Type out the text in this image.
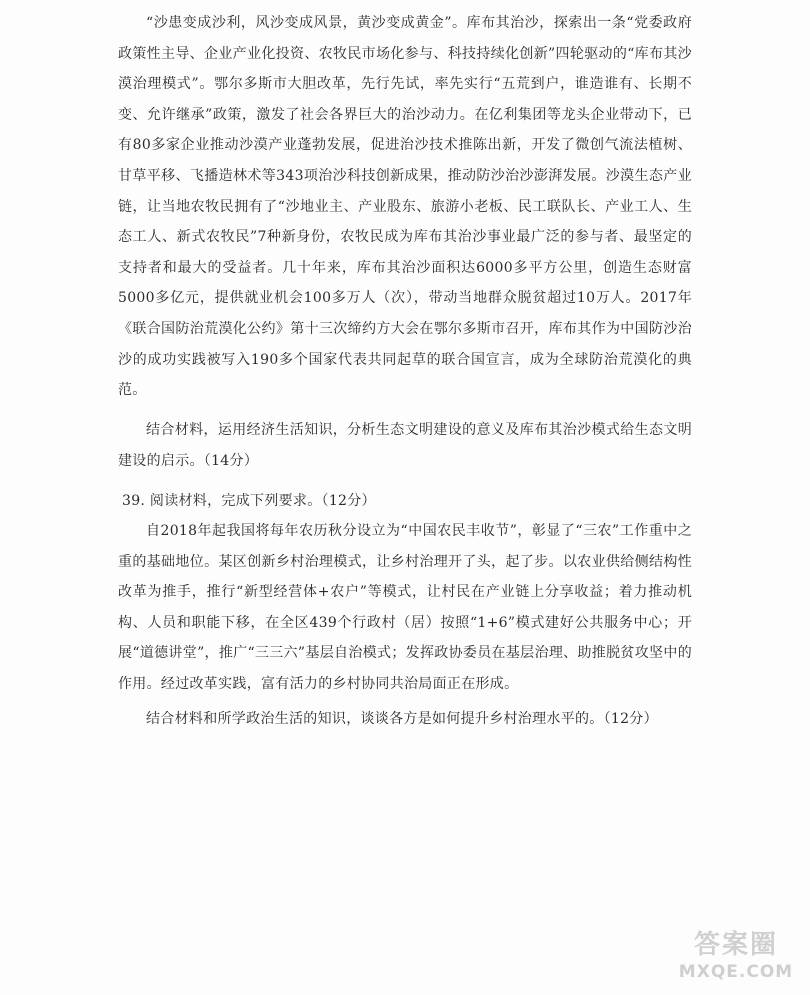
“沙患变成沙利，风沙变成风景，黄沙变成黄金”。库布其治沙，探索出一条“党委政府政策性主导、企业产业化投资、农牧民市场化参与、科技持续化创新”四轮驱动的“库布其沙漠治理模式”。鄂尔多斯市大胆改革，先行先试，率先实行“五荒到户，谁造谁有、长期不变、允许继承”政策，激发了社会各界巨大的治沙动力。在亿利集团等龙头企业带动下，已有80多家企业推动沙漠产业蓬勃发展，促进治沙技术推陈出新，开发了微创气流法植树、甘草平移、飞播造林术等343项治沙科技创新成果，推动防沙治沙澎湃发展。沙漠生态产业链，让当地农牧民拥有了“沙地业主、产业股东、旅游小老板、民工联队长、产业工人、生态工人、新式农牧民”7种新身份，农牧民成为库布其治沙事业最广泛的参与者、最坚定的支持者和最大的受益者。几十年来，库布其治沙面积达6000多平方公里，创造生态财富5000多亿元，提供就业机会100多万人（次），带动当地群众脱贫超过10万人。2017年《联合国防治荒漠化公约》第十三次缔约方大会在鄂尔多斯市召开，库布其作为中国防沙治沙的成功实践被写入190多个国家代表共同起草的联合国宣言，成为全球防治荒漠化的典范。

结合材料，运用经济生活知识，分析生态文明建设的意义及库布其治沙模式给生态文明建设的启示。（14分）

39. 阅读材料，完成下列要求。（12分）

自2018年起我国将每年农历秋分设立为“中国农民丰收节”，彰显了“三农”工作重中之重的基础地位。某区创新乡村治理模式，让乡村治理开了头，起了步。以农业供给侧结构性改革为推手，推行“新型经营体+农户”等模式，让村民在产业链上分享收益；着力推动机构、人员和职能下移，在全区439个行政村（居）按照“1+6”模式建好公共服务中心；开展“道德讲堂”，推广“三三六”基层自治模式；发挥政协委员在基层治理、助推脱贫攻坚中的作用。经过改革实践，富有活力的乡村协同共治局面正在形成。

结合材料和所学政治生活的知识，谈谈各方是如何提升乡村治理水平的。（12分）

答案圈
MXQE.COM
